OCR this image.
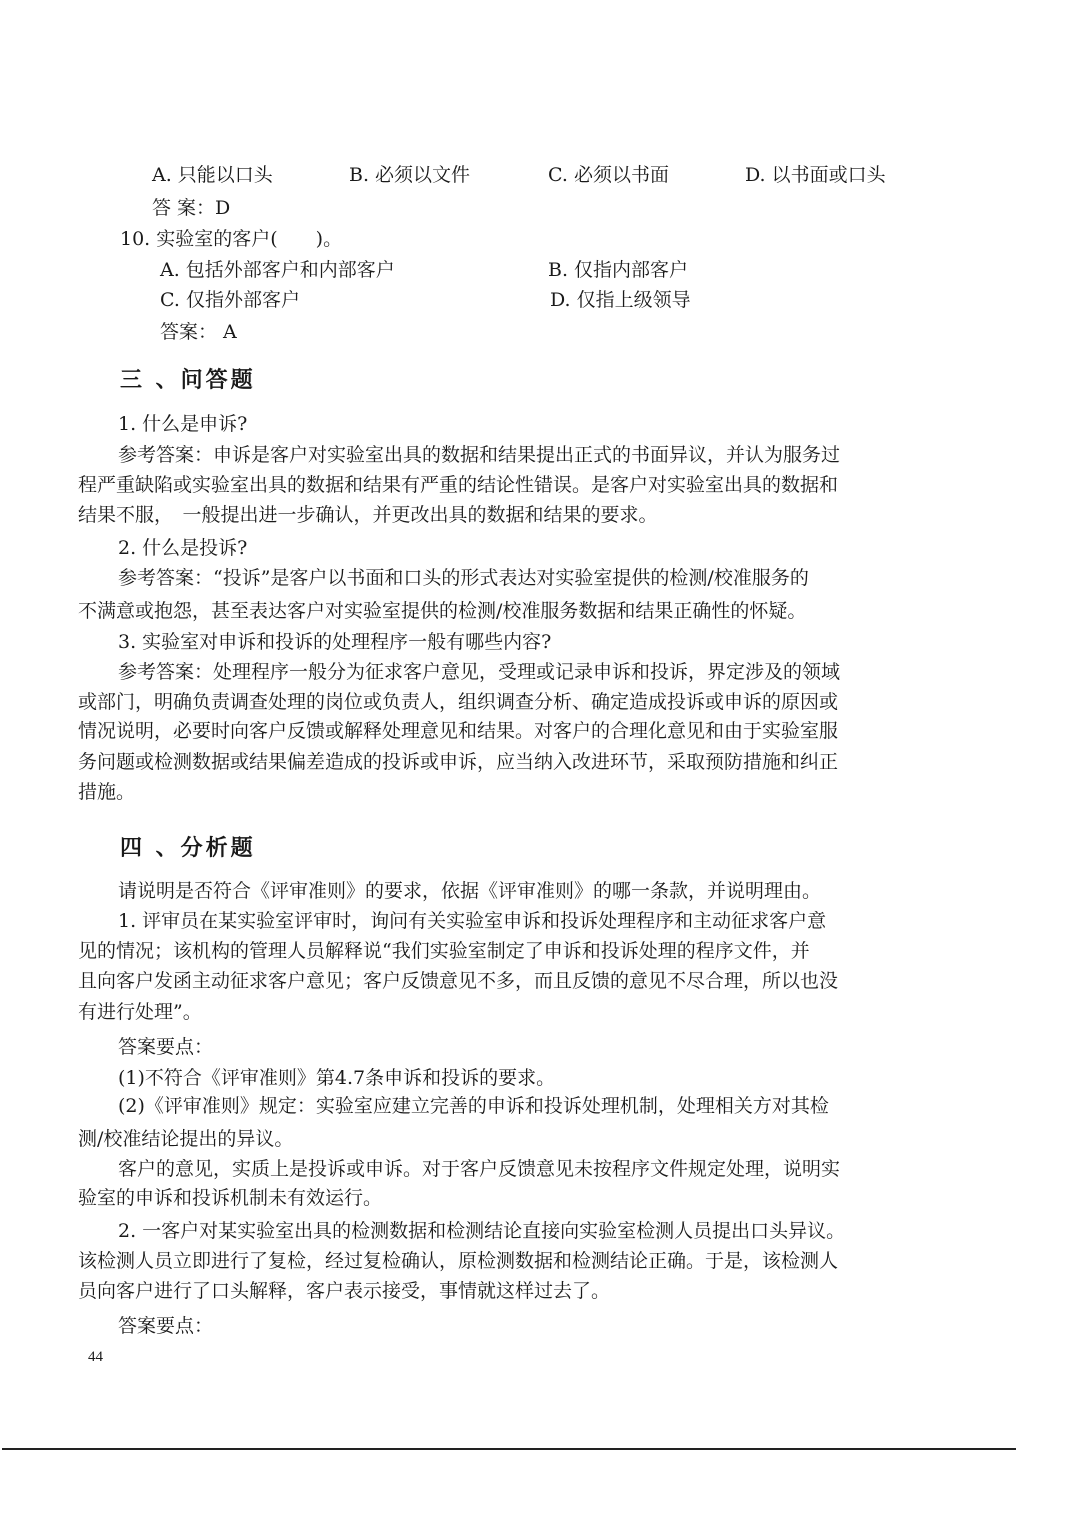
A. 只能以口头	B. 必须以文件	C. 必须以书面	D. 以书面或口头
答 案：D
10. 实验室的客户(　　)。
A. 包括外部客户和内部客户	B. 仅指内部客户
C. 仅指外部客户	D. 仅指上级领导
答案： A
三 、问答题
1. 什么是申诉?
参考答案：申诉是客户对实验室出具的数据和结果提出正式的书面异议，并认为服务过
程严重缺陷或实验室出具的数据和结果有严重的结论性错误。是客户对实验室出具的数据和
结果不服，　一般提出进一步确认，并更改出具的数据和结果的要求。
2. 什么是投诉?
参考答案：“投诉”是客户以书面和口头的形式表达对实验室提供的检测/校准服务的
不满意或抱怨，甚至表达客户对实验室提供的检测/校准服务数据和结果正确性的怀疑。
3. 实验室对申诉和投诉的处理程序一般有哪些内容?
参考答案：处理程序一般分为征求客户意见，受理或记录申诉和投诉，界定涉及的领域
或部门，明确负责调查处理的岗位或负责人，组织调查分析、确定造成投诉或申诉的原因或
情况说明，必要时向客户反馈或解释处理意见和结果。对客户的合理化意见和由于实验室服
务问题或检测数据或结果偏差造成的投诉或申诉，应当纳入改进环节，采取预防措施和纠正
措施。
四 、分析题
请说明是否符合《评审准则》的要求，依据《评审准则》的哪一条款，并说明理由。
1. 评审员在某实验室评审时，询问有关实验室申诉和投诉处理程序和主动征求客户意
见的情况；该机构的管理人员解释说“我们实验室制定了申诉和投诉处理的程序文件，并
且向客户发函主动征求客户意见；客户反馈意见不多，而且反馈的意见不尽合理，所以也没
有进行处理”。
答案要点：
(1)不符合《评审准则》第4.7条申诉和投诉的要求。
(2)《评审准则》规定：实验室应建立完善的申诉和投诉处理机制，处理相关方对其检
测/校准结论提出的异议。
客户的意见，实质上是投诉或申诉。对于客户反馈意见未按程序文件规定处理，说明实
验室的申诉和投诉机制未有效运行。
2. 一客户对某实验室出具的检测数据和检测结论直接向实验室检测人员提出口头异议。
该检测人员立即进行了复检，经过复检确认，原检测数据和检测结论正确。于是，该检测人
员向客户进行了口头解释，客户表示接受，事情就这样过去了。
答案要点：
44
